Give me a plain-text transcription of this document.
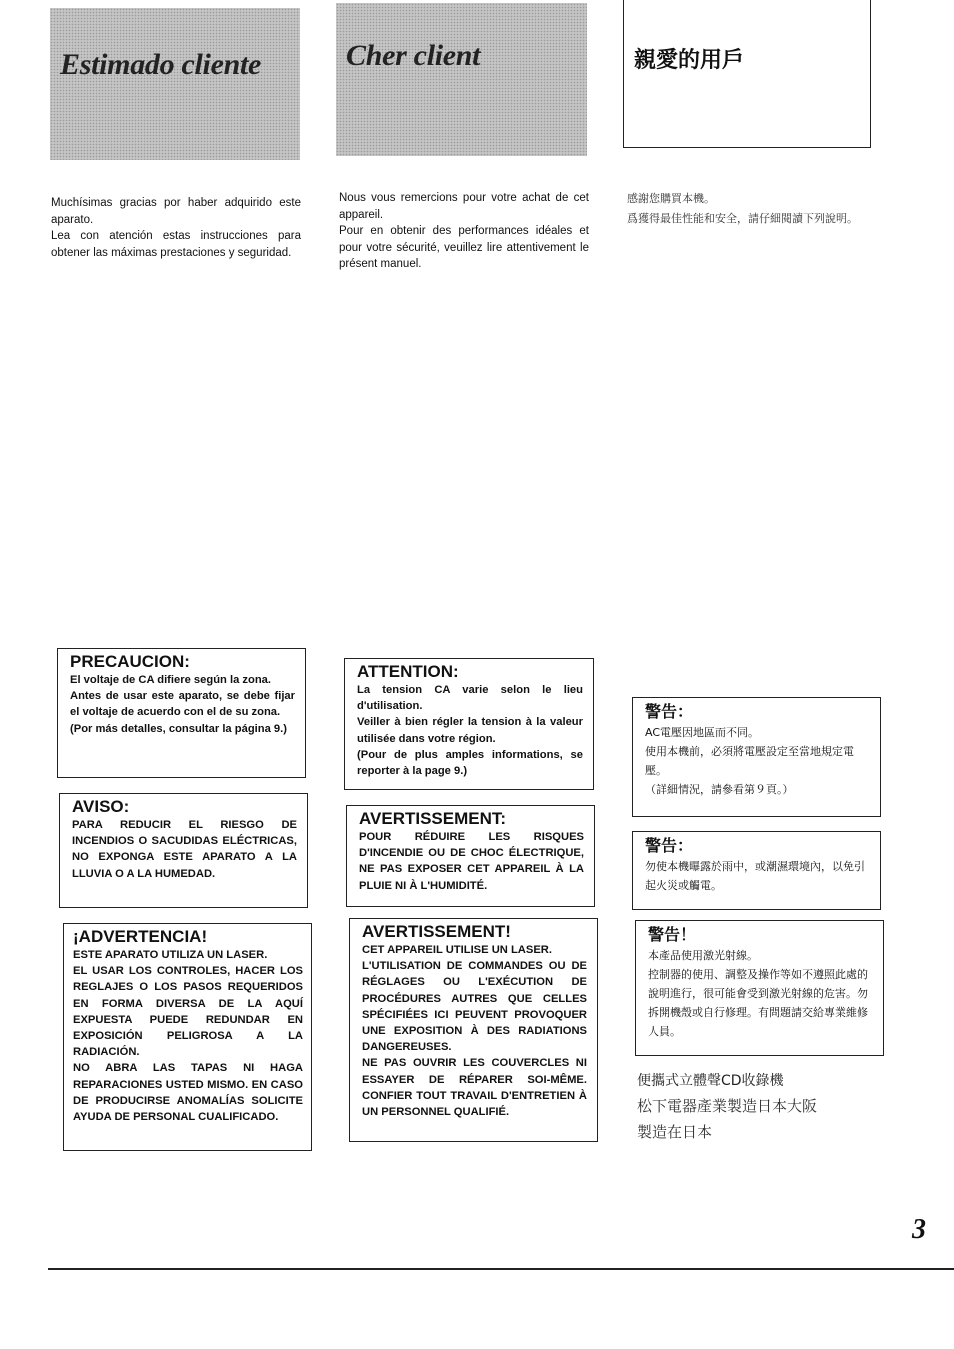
Estimado cliente	Cher client	親愛的用戶

Muchísimas gracias por haber adquirido este aparato.

Lea con atención estas instrucciones para obtener las máximas prestaciones y seguridad.

Nous vous remercions pour votre achat de cet appareil.

Pour en obtenir des performances idéales et pour votre sécurité, veuillez lire attentivement le présent manuel.

感謝您購買本機。

爲獲得最佳性能和安全，請仔細閱讀下列說明。

PRECAUCION:

El voltaje de CA difiere según la zona.

Antes de usar este aparato, se debe fijar el voltaje de acuerdo con el de su zona.

(Por más detalles, consultar la página 9.)

AVISO:

PARA REDUCIR EL RIESGO DE INCENDIOS O SACUDIDAS ELÉCTRICAS, NO EXPONGA ESTE APARATO A LA LLUVIA O A LA HUMEDAD.

¡ADVERTENCIA!

ESTE APARATO UTILIZA UN LASER.

EL USAR LOS CONTROLES, HACER LOS REGLAJES O LOS PASOS REQUERIDOS EN FORMA DIVERSA DE LA AQUÍ EXPUESTA PUEDE REDUNDAR EN EXPOSICIÓN PELIGROSA A LA RADIACIÓN.

NO ABRA LAS TAPAS NI HAGA REPARACIONES USTED MISMO. EN CASO DE PRODUCIRSE ANOMALÍAS SOLICITE AYUDA DE PERSONAL CUALIFICADO.

ATTENTION:

La tension CA varie selon le lieu d'utilisation.

Veiller à bien régler la tension à la valeur utilisée dans votre région.

(Pour de plus amples informations, se reporter à la page 9.)

AVERTISSEMENT:

POUR RÉDUIRE LES RISQUES D'INCENDIE OU DE CHOC ÉLECTRIQUE, NE PAS EXPOSER CET APPAREIL À LA PLUIE NI À L'HUMIDITÉ.

AVERTISSEMENT!

CET APPAREIL UTILISE UN LASER.

L'UTILISATION DE COMMANDES OU DE RÉGLAGES OU L'EXÉCUTION DE PROCÉDURES AUTRES QUE CELLES SPÉCIFIÉES ICI PEUVENT PROVOQUER UNE EXPOSITION À DES RADIATIONS DANGEREUSES.

NE PAS OUVRIR LES COUVERCLES NI ESSAYER DE RÉPARER SOI-MÊME. CONFIER TOUT TRAVAIL D'ENTRETIEN À UN PERSONNEL QUALIFIÉ.

警告：

AC電壓因地區而不同。

使用本機前，必須將電壓設定至當地規定電壓。

（詳細情況，請參看第９頁。）

警告：

勿使本機曝露於雨中，或潮濕環境內，以免引起火災或觸電。

警告！

本產品使用激光射線。

控制器的使用、調整及操作等如不遵照此處的說明進行，很可能會受到激光射線的危害。勿拆開機殼或自行修理。有問題請交給專業維修人員。

便攜式立體聲CD收錄機
松下電器產業製造日本大阪
製造在日本
3
